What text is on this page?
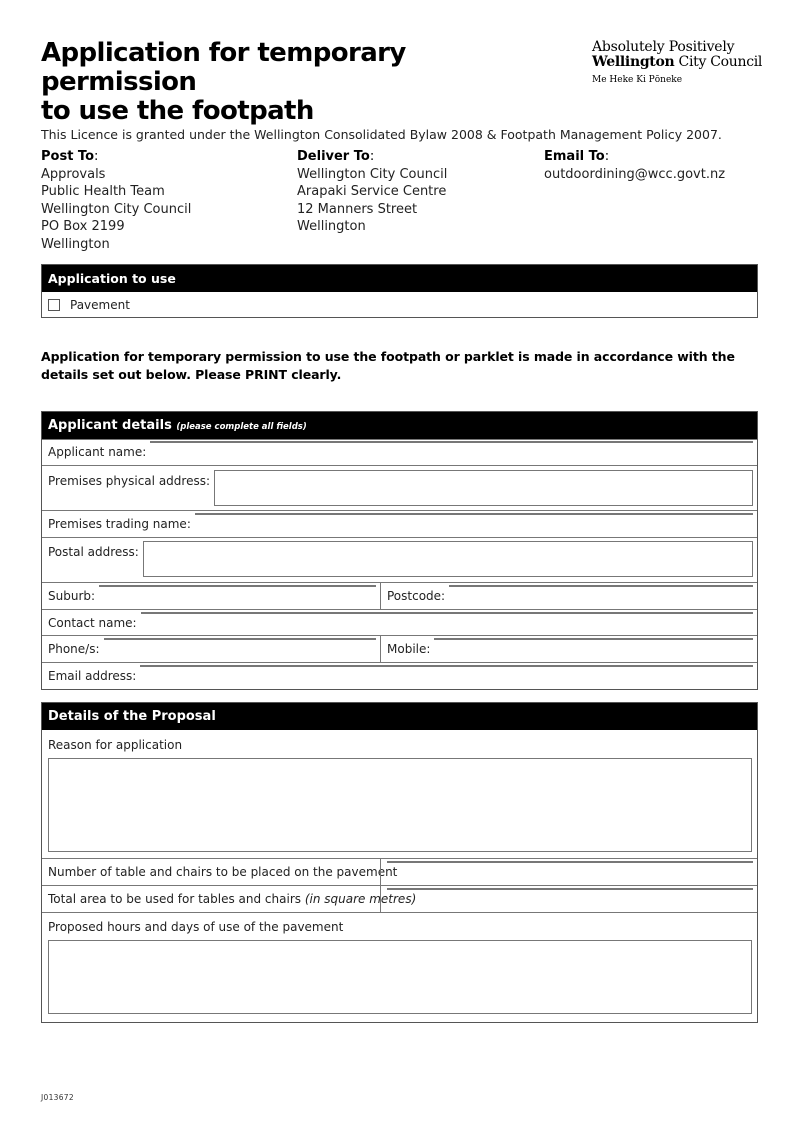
Application for temporary permission
to use the footpath
Absolutely Positively
Wellington City Council
Me Heke Ki Pōneke

This Licence is granted under the Wellington Consolidated Bylaw 2008 & Footpath Management Policy 2007.

Post To:
Approvals
Public Health Team
Wellington City Council
PO Box 2199
Wellington
Deliver To:
Wellington City Council
Arapaki Service Centre
12 Manners Street
Wellington
Email To:
outdoordining@wcc.govt.nz
Application to use
Pavement

Application for temporary permission to use the footpath or parklet is made in accordance with the details set out below. Please PRINT clearly.

Applicant details (please complete all fields)
Applicant name:
Premises physical address:
Premises trading name:
Postal address:
Suburb:	Postcode:
Contact name:
Phone/s:	Mobile:
Email address:
Details of the Proposal
Reason for application
Number of table and chairs to be placed on the pavement
Total area to be used for tables and chairs (in square metres)
Proposed hours and days of use of the pavement
J013672
